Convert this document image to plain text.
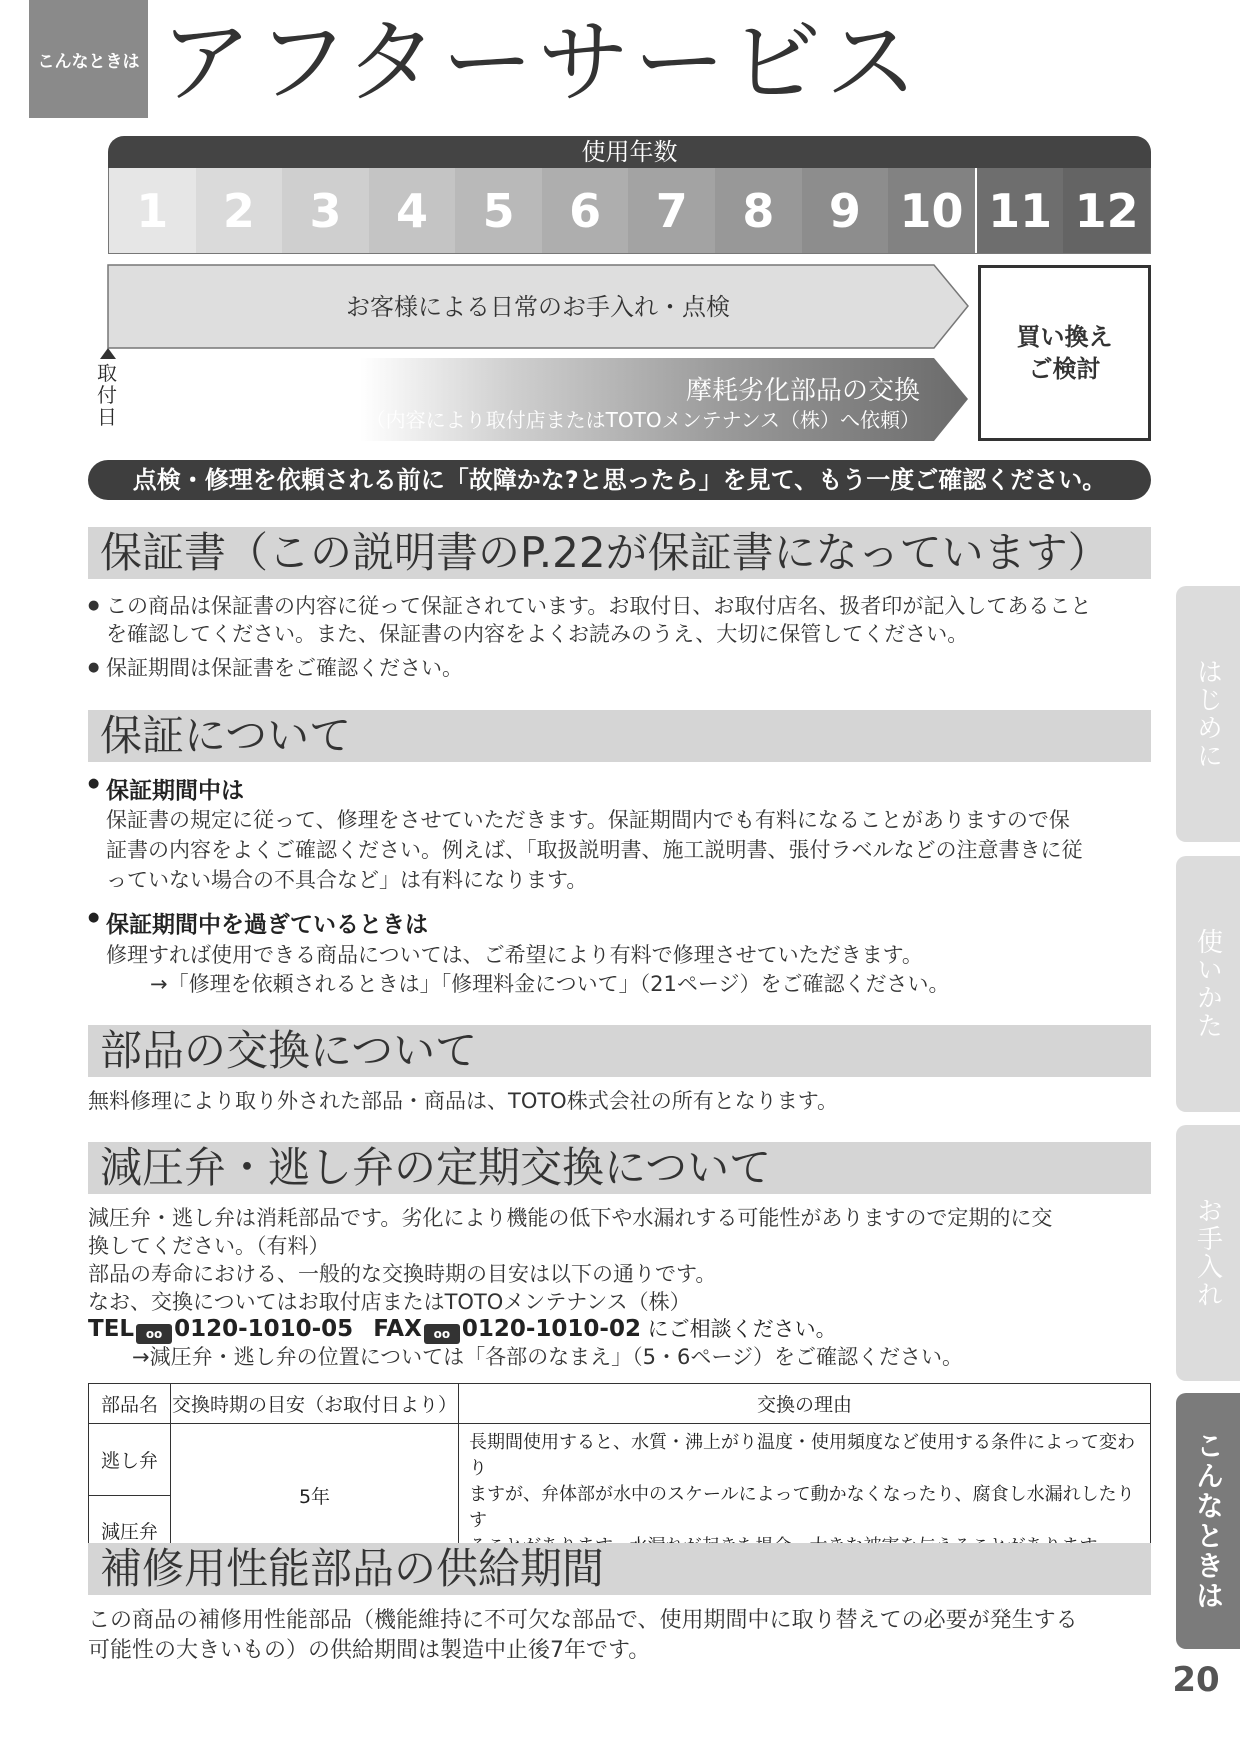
こんなときは アフターサービス
使用年数
1	2	3	4	5	6	7	8	9 10 11 12
お客様による日常のお手入れ・点検
取付日
摩耗劣化部品の交換
（内容により取付店またはTOTOメンテナンス（株）へ依頼）
買い換え
ご検討
点検・修理を依頼される前に「故障かな?と思ったら」を見て、もう一度ご確認ください。
保証書（この説明書のP.22が保証書になっています）
● この商品は保証書の内容に従って保証されています。お取付日、お取付店名、扱者印が記入してあること
を確認してください。また、保証書の内容をよくお読みのうえ、大切に保管してください。
● 保証期間は保証書をご確認ください。
保証について
● 保証期間中は
保証書の規定に従って、修理をさせていただきます。保証期間内でも有料になることがありますので保
証書の内容をよくご確認ください。例えば、「取扱説明書、施工説明書、張付ラベルなどの注意書きに従
っていない場合の不具合など」は有料になります。
● 保証期間中を過ぎているときは
修理すれば使用できる商品については、ご希望により有料で修理させていただきます。
→「修理を依頼されるときは」「修理料金について」（21ページ）をご確認ください。
部品の交換について
無料修理により取り外された部品・商品は、TOTO株式会社の所有となります。
減圧弁・逃し弁の定期交換について
減圧弁・逃し弁は消耗部品です。劣化により機能の低下や水漏れする可能性がありますので定期的に交
換してください。（有料）
部品の寿命における、一般的な交換時期の目安は以下の通りです。
なお、交換についてはお取付店またはTOTOメンテナンス（株）
TEL oo 0120-1010-05 FAX oo 0120-1010-02 にご相談ください。
→減圧弁・逃し弁の位置については「各部のなまえ」（5・6ページ）をご確認ください。
部品名	交換時期の目安（お取付日より）	交換の理由
逃し弁	5年	長期間使用すると、水質・沸上がり温度・使用頻度など使用する条件によって変わり
ますが、弁体部が水中のスケールによって動かなくなったり、腐食し水漏れしたりす

減圧弁		
補修用性能部品の供給期間
この商品の補修用性能部品（機能維持に不可欠な部品で、使用期間中に取り替えての必要が発生する
可能性の大きいもの）の供給期間は製造中止後7年です。
はじめに
使いかた
お手入れ
こんなときは
20
